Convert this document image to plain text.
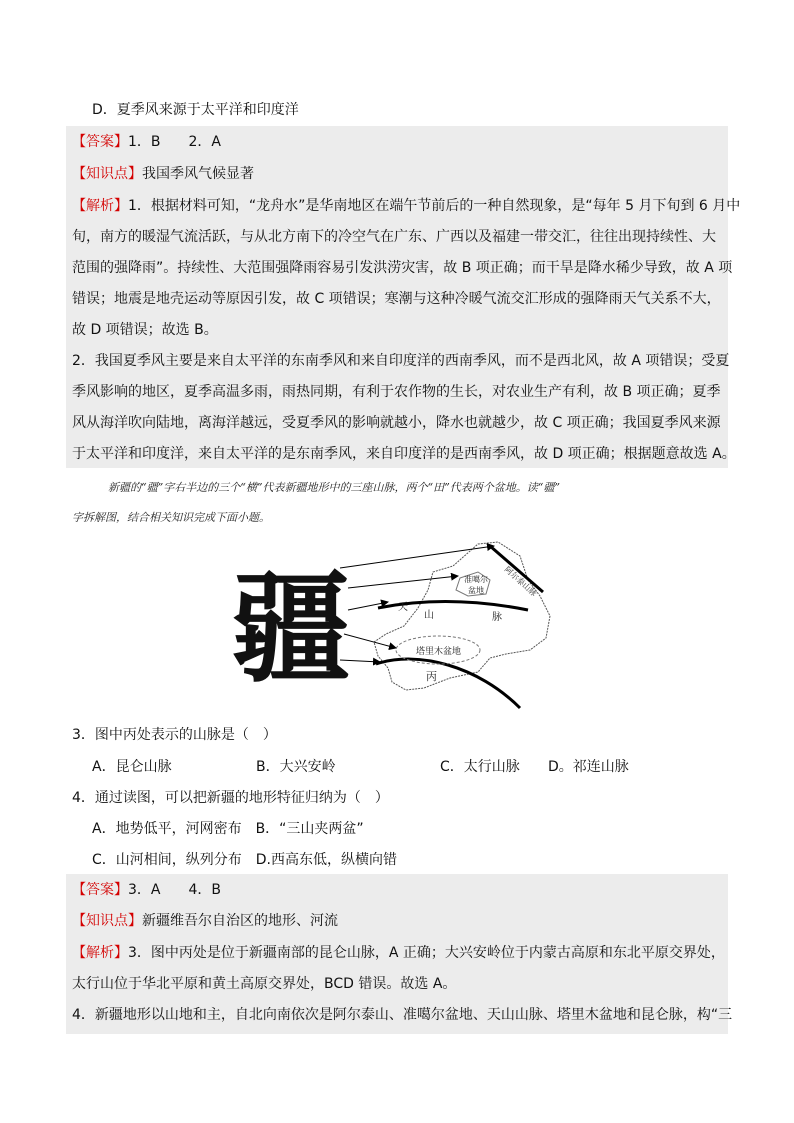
D．夏季风来源于太平洋和印度洋
【答案】1．B　　2．A
【知识点】我国季风气候显著
【解析】1．根据材料可知，“龙舟水”是华南地区在端午节前后的一种自然现象，是“每年 5 月下旬到 6 月中
旬，南方的暖湿气流活跃，与从北方南下的冷空气在广东、广西以及福建一带交汇，往往出现持续性、大
范围的强降雨”。持续性、大范围强降雨容易引发洪涝灾害，故 B 项正确；而干旱是降水稀少导致，故 A 项
错误；地震是地壳运动等原因引发，故 C 项错误；寒潮与这种冷暖气流交汇形成的强降雨天气关系不大，
故 D 项错误；故选 B。
2．我国夏季风主要是来自太平洋的东南季风和来自印度洋的西南季风，而不是西北风，故 A 项错误；受夏
季风影响的地区，夏季高温多雨，雨热同期，有利于农作物的生长，对农业生产有利，故 B 项正确；夏季
风从海洋吹向陆地，离海洋越远，受夏季风的影响就越小，降水也就越少，故 C 项正确；我国夏季风来源
于太平洋和印度洋，来自太平洋的是东南季风，来自印度洋的是西南季风，故 D 项正确；根据题意故选 A。
新疆的“疆”字右半边的三个“横”代表新疆地形中的三座山脉，两个“田”代表两个盆地。读“疆”
字拆解图，结合相关知识完成下面小题。
疆	阿尔泰山脉
准噶尔
盆地
天
山	脉
塔里木盆地
丙
3．图中丙处表示的山脉是（　）
A．昆仑山脉	B．大兴安岭	C．太行山脉 D。祁连山脉
4．通过读图，可以把新疆的地形特征归纳为（　）
A．地势低平，河网密布　B．“三山夹两盆”
C．山河相间，纵列分布　D.西高东低，纵横向错
【答案】3．A　　4．B
【知识点】新疆维吾尔自治区的地形、河流
【解析】3．图中丙处是位于新疆南部的昆仑山脉，A 正确；大兴安岭位于内蒙古高原和东北平原交界处，
太行山位于华北平原和黄土高原交界处，BCD 错误。故选 A。
4．新疆地形以山地和主，自北向南依次是阿尔泰山、准噶尔盆地、天山山脉、塔里木盆地和昆仑脉，构“三
